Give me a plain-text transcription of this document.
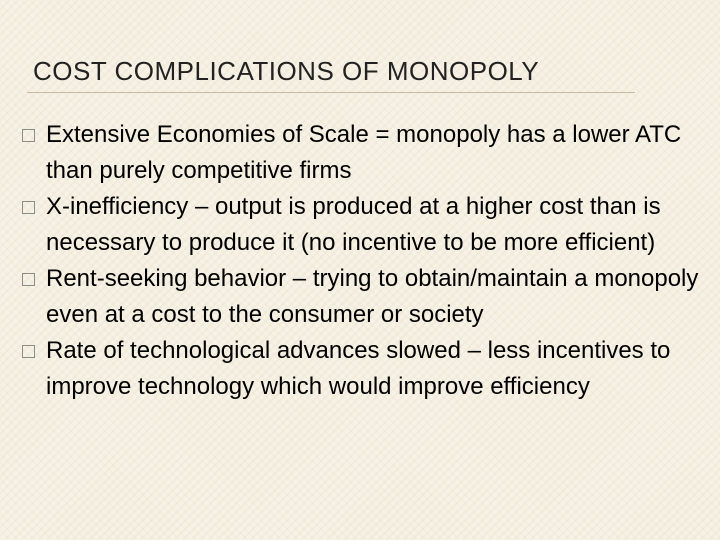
COST COMPLICATIONS OF MONOPOLY
Extensive Economies of Scale = monopoly has a lower ATC than purely competitive firms
X-inefficiency – output is produced at a higher cost than is necessary to produce it (no incentive to be more efficient)
Rent-seeking behavior – trying to obtain/maintain a monopoly even at a cost to the consumer or society
Rate of technological advances slowed – less incentives to improve technology which would improve efficiency
